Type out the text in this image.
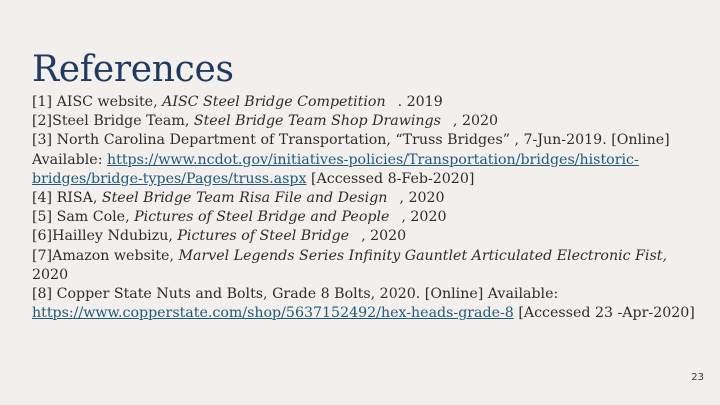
References

[1] AISC website, AISC Steel Bridge Competition . 2019

[2]Steel Bridge Team, Steel Bridge Team Shop Drawings , 2020

[3] North Carolina Department of Transportation, “Truss Bridges” , 7-Jun-2019. [Online] Available: https://www.ncdot.gov/initiatives-policies/Transportation/bridges/historic-bridges/bridge-types/Pages/truss.aspx [Accessed 8-Feb-2020]

[4] RISA, Steel Bridge Team Risa File and Design , 2020

[5] Sam Cole, Pictures of Steel Bridge and People , 2020

[6]Hailley Ndubizu, Pictures of Steel Bridge , 2020

[7]Amazon website, Marvel Legends Series Infinity Gauntlet Articulated Electronic Fist, 2020

[8] Copper State Nuts and Bolts, Grade 8 Bolts, 2020. [Online] Available: https://www.copperstate.com/shop/5637152492/hex-heads-grade-8 [Accessed 23 -Apr-2020]

23
